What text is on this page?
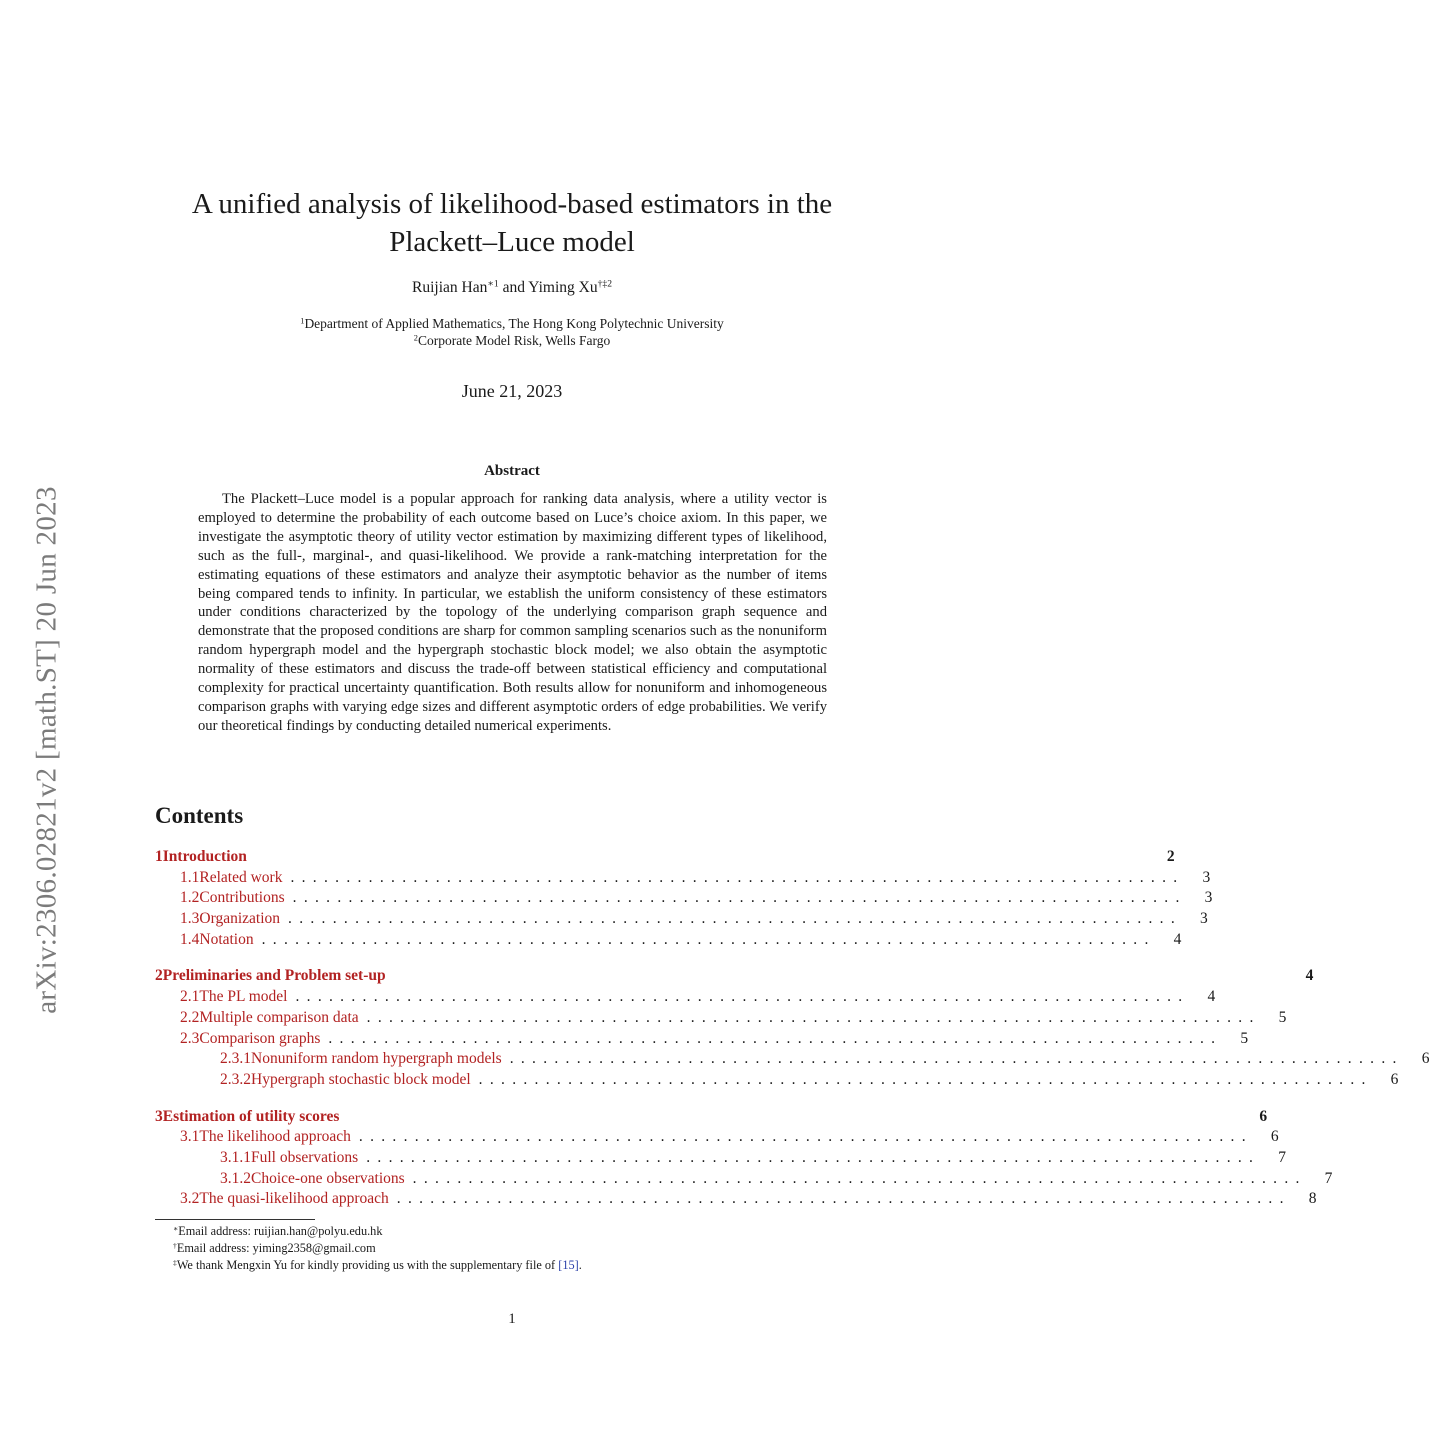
arXiv:2306.02821v2 [math.ST] 20 Jun 2023
A unified analysis of likelihood-based estimators in the Plackett–Luce model
Ruijian Han$^{∗1}$ and Yiming Xu$^{\dagger\ddagger 2}$
$^1$Department of Applied Mathematics, The Hong Kong Polytechnic University
$^2$Corporate Model Risk, Wells Fargo
June 21, 2023
Abstract

The Plackett–Luce model is a popular approach for ranking data analysis, where a utility vector is employed to determine the probability of each outcome based on Luce’s choice axiom. In this paper, we investigate the asymptotic theory of utility vector estimation by maximizing different types of likelihood, such as the full-, marginal-, and quasi-likelihood. We provide a rank-matching interpretation for the estimating equations of these estimators and analyze their asymptotic behavior as the number of items being compared tends to infinity. In particular, we establish the uniform consistency of these estimators under conditions characterized by the topology of the underlying comparison graph sequence and demonstrate that the proposed conditions are sharp for common sampling scenarios such as the nonuniform random hypergraph model and the hypergraph stochastic block model; we also obtain the asymptotic normality of these estimators and discuss the trade-off between statistical efficiency and computational complexity for practical uncertainty quantification. Both results allow for nonuniform and inhomogeneous comparison graphs with varying edge sizes and different asymptotic orders of edge probabilities. We verify our theoretical findings by conducting detailed numerical experiments.

Contents
1 Introduction	2
1.1 Related work ................................................................................ 3
1.2 Contributions ................................................................................ 3
1.3 Organization ................................................................................ 3
1.4 Notation ................................................................................ 4
2 Preliminaries and Problem set-up	4
2.1 The PL model ................................................................................ 4
2.2 Multiple comparison data ................................................................................ 5
2.3 Comparison graphs ................................................................................ 5
2.3.1 Nonuniform random hypergraph models ................................................................................ 6
2.3.2 Hypergraph stochastic block model ................................................................................ 6
3 Estimation of utility scores	6
3.1 The likelihood approach ................................................................................ 6
3.1.1 Full observations ................................................................................ 7
3.1.2 Choice-one observations ................................................................................ 7
3.2 The quasi-likelihood approach ................................................................................ 8
∗Email address: ruijian.han@polyu.edu.hk
†Email address: yiming2358@gmail.com
‡We thank Mengxin Yu for kindly providing us with the supplementary file of [15].
1
